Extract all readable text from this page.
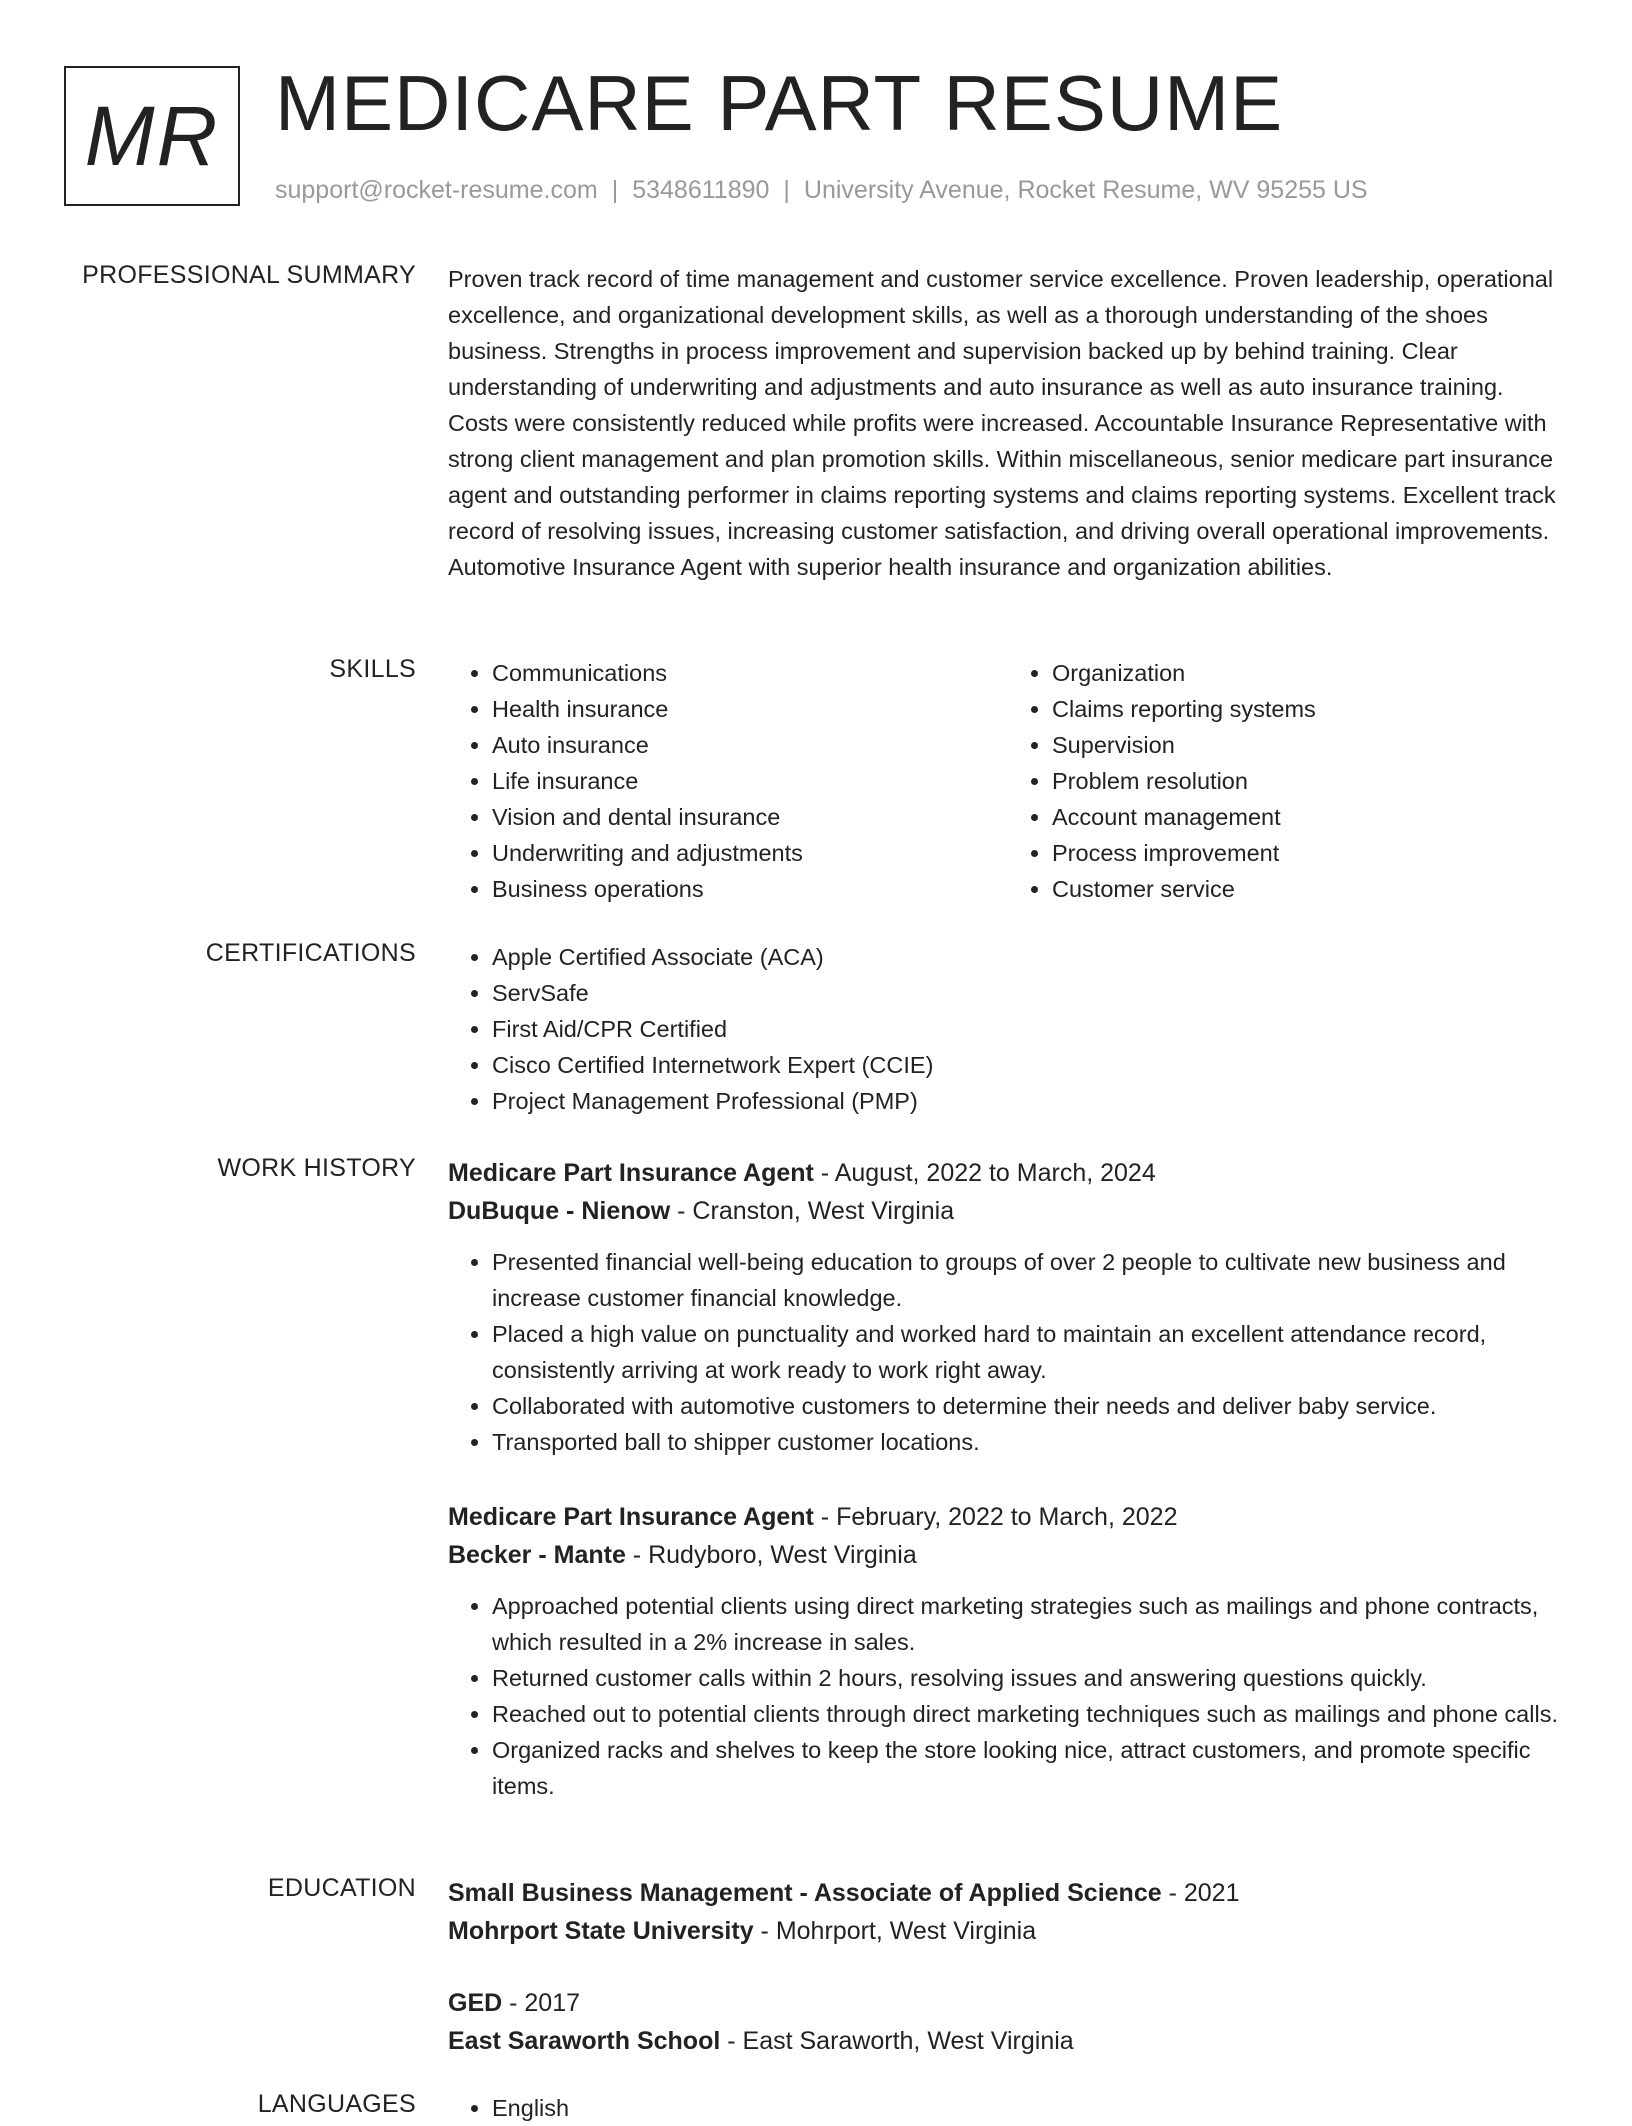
MR MEDICARE PART RESUME
support@rocket-resume.com | 5348611890 | University Avenue, Rocket Resume, WV 95255 US
PROFESSIONAL SUMMARY Proven track record of time management and customer service excellence. Proven leadership, operational excellence, and organizational development skills, as well as a thorough understanding of the shoes business. Strengths in process improvement and supervision backed up by behind training. Clear understanding of underwriting and adjustments and auto insurance as well as auto insurance training. Costs were consistently reduced while profits were increased. Accountable Insurance Representative with strong client management and plan promotion skills. Within miscellaneous, senior medicare part insurance agent and outstanding performer in claims reporting systems and claims reporting systems. Excellent track record of resolving issues, increasing customer satisfaction, and driving overall operational improvements. Automotive Insurance Agent with superior health insurance and organization abilities.

SKILLS	• Communications
• Health insurance
• Auto insurance
• Life insurance
• Vision and dental insurance
• Underwriting and adjustments
• Business operations
• Organization
• Claims reporting systems
• Supervision
• Problem resolution
• Account management
• Process improvement
• Customer service
CERTIFICATIONS	• Apple Certified Associate (ACA)
• ServSafe
• First Aid/CPR Certified
• Cisco Certified Internetwork Expert (CCIE)
• Project Management Professional (PMP)
WORK HISTORY Medicare Part Insurance Agent - August, 2022 to March, 2024
DuBuque - Nienow - Cranston, West Virginia
• Presented financial well-being education to groups of over 2 people to cultivate new business and increase customer financial knowledge.
• Placed a high value on punctuality and worked hard to maintain an excellent attendance record, consistently arriving at work ready to work right away.
• Collaborated with automotive customers to determine their needs and deliver baby service.
• Transported ball to shipper customer locations.
Medicare Part Insurance Agent - February, 2022 to March, 2022
Becker - Mante - Rudyboro, West Virginia
• Approached potential clients using direct marketing strategies such as mailings and phone contracts, which resulted in a 2% increase in sales.
• Returned customer calls within 2 hours, resolving issues and answering questions quickly.
• Reached out to potential clients through direct marketing techniques such as mailings and phone calls.
• Organized racks and shelves to keep the store looking nice, attract customers, and promote specific items.
EDUCATION Small Business Management - Associate of Applied Science - 2021
Mohrport State University - Mohrport, West Virginia
GED - 2017
East Saraworth School - East Saraworth, West Virginia
LANGUAGES	• English
